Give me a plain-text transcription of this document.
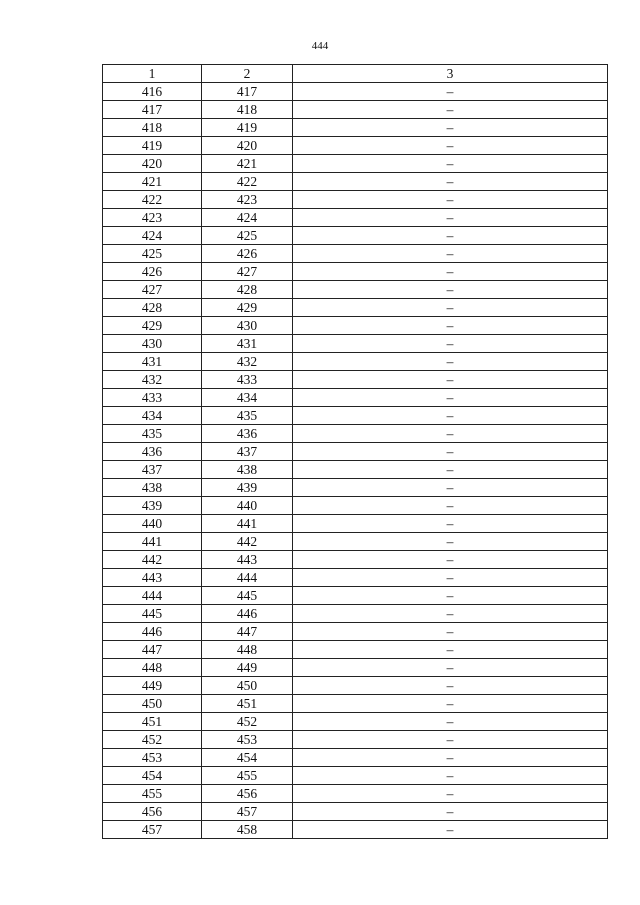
444
1	2	3
416	417	–
417	418	–
418	419	–
419	420	–
420	421	–
421	422	–
422	423	–
423	424	–
424	425	–
425	426	–
426	427	–
427	428	–
428	429	–
429	430	–
430	431	–
431	432	–
432	433	–
433	434	–
434	435	–
435	436	–
436	437	–
437	438	–
438	439	–
439	440	–
440	441	–
441	442	–
442	443	–
443	444	–
444	445	–
445	446	–
446	447	–
447	448	–
448	449	–
449	450	–
450	451	–
451	452	–
452	453	–
453	454	–
454	455	–
455	456	–
456	457	–
457	458	–
